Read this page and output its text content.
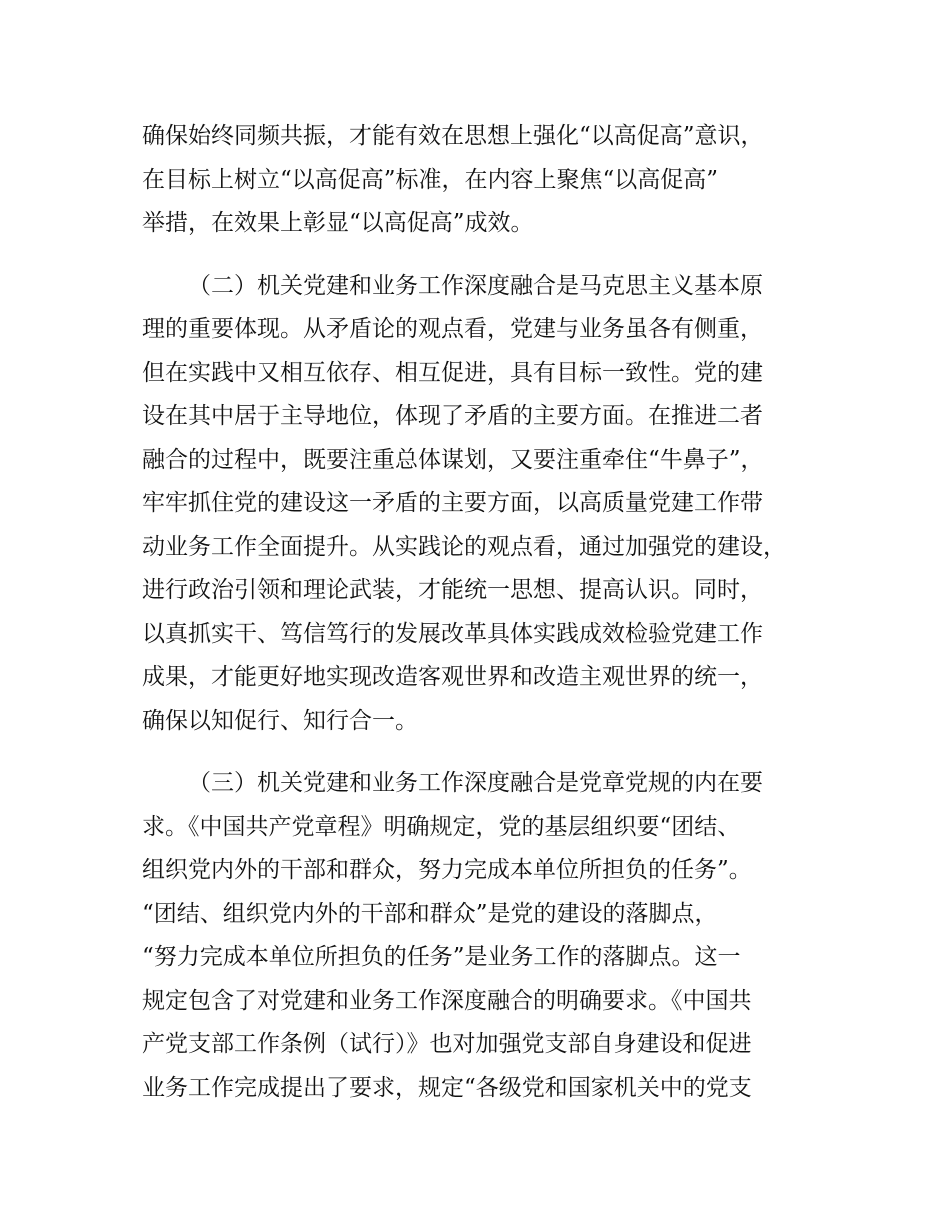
确保始终同频共振，才能有效在思想上强化“以高促高”意识，
在目标上树立“以高促高”标准，在内容上聚焦“以高促高”
举措，在效果上彰显“以高促高”成效。
（二）机关党建和业务工作深度融合是马克思主义基本原
理的重要体现。从矛盾论的观点看，党建与业务虽各有侧重，
但在实践中又相互依存、相互促进，具有目标一致性。党的建
设在其中居于主导地位，体现了矛盾的主要方面。在推进二者
融合的过程中，既要注重总体谋划，又要注重牵住“牛鼻子”，
牢牢抓住党的建设这一矛盾的主要方面，以高质量党建工作带
动业务工作全面提升。从实践论的观点看，通过加强党的建设，
进行政治引领和理论武装，才能统一思想、提高认识。同时，
以真抓实干、笃信笃行的发展改革具体实践成效检验党建工作
成果，才能更好地实现改造客观世界和改造主观世界的统一，
确保以知促行、知行合一。
（三）机关党建和业务工作深度融合是党章党规的内在要
求。《中国共产党章程》明确规定，党的基层组织要“团结、
组织党内外的干部和群众，努力完成本单位所担负的任务”。
“团结、组织党内外的干部和群众”是党的建设的落脚点，
“努力完成本单位所担负的任务”是业务工作的落脚点。这一
规定包含了对党建和业务工作深度融合的明确要求。《中国共
产党支部工作条例（试行）》也对加强党支部自身建设和促进
业务工作完成提出了要求，规定“各级党和国家机关中的党支
